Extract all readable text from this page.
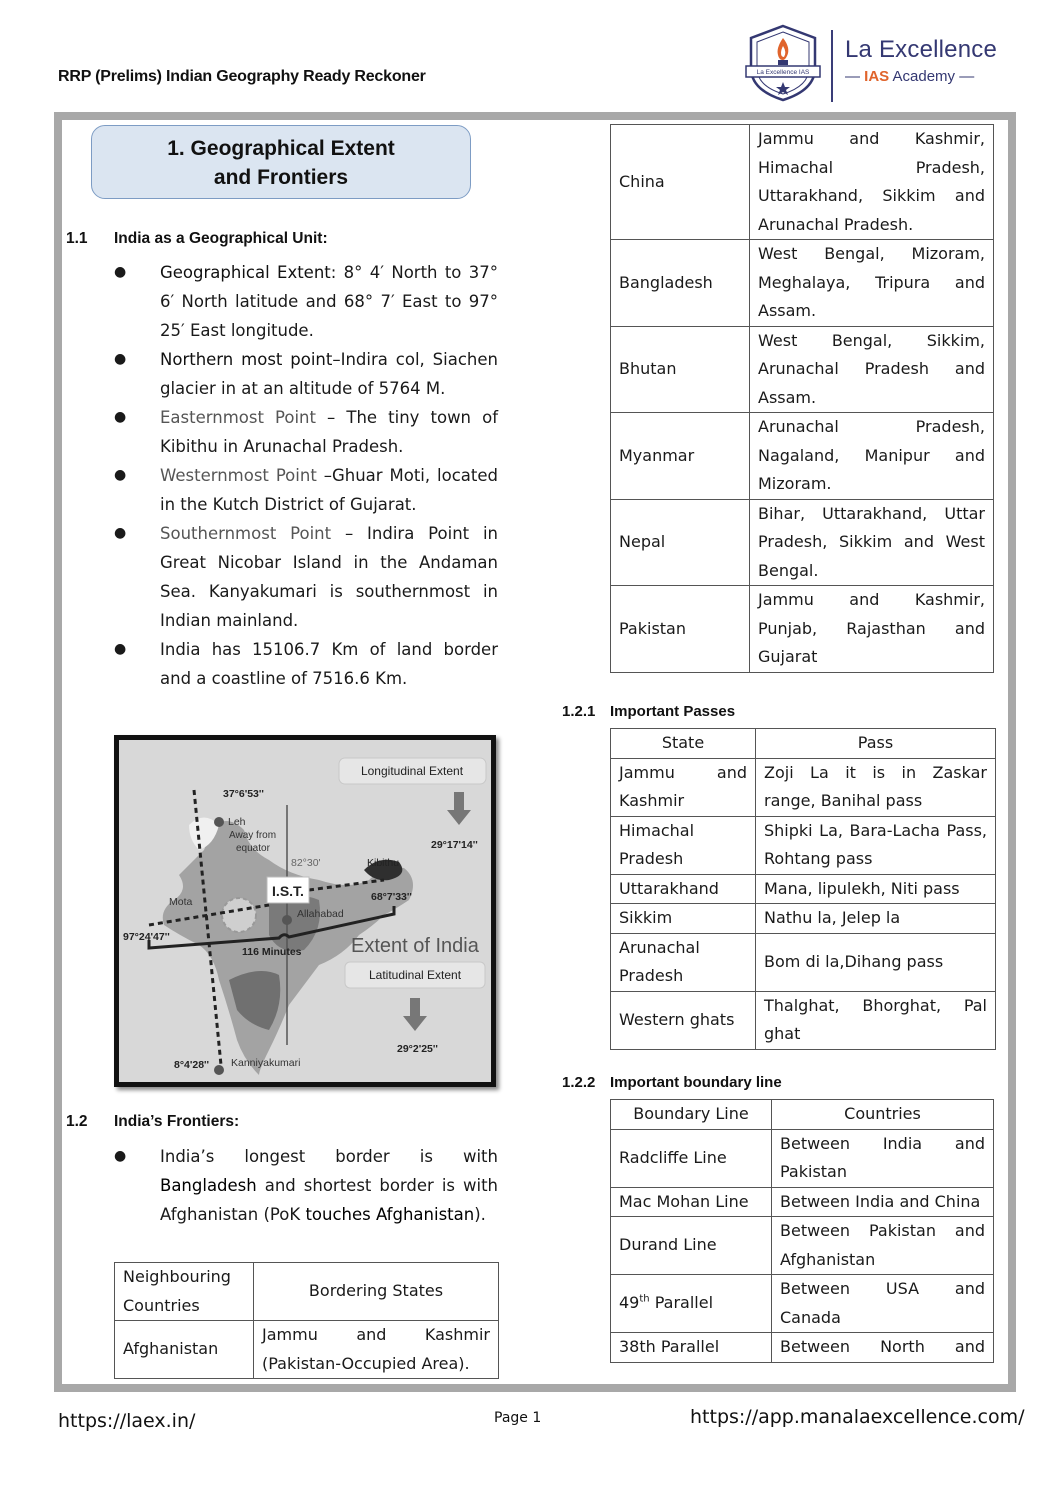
RRP (Prelims) Indian Geography Ready Reckoner	La Excellence IAS
La Excellence
— IAS Academy —
1. Geographical Extent
and Frontiers
1.1 India as a Geographical Unit:
● Geographical Extent: 8° 4′ North to 37° 6′ North latitude and 68° 7′ East to 97° 25′ East longitude.
● Northern most point–Indira col, Siachen glacier in at an altitude of 5764 M.
● Easternmost Point – The tiny town of Kibithu in Arunachal Pradesh.
● Westernmost Point –Ghuar Moti, located in the Kutch District of Gujarat.
● Southernmost Point – Indira Point in Great Nicobar Island in the Andaman Sea. Kanyakumari is southernmost in Indian mainland.
● India has 15106.7 Km of land border and a coastline of 7516.6 Km.
I.S.T.
37°6'53''
Leh
Away from
equator
82°30'	Kibithu
Mota
Allahabad
68°7'33''
97°24'47''
116 Minutes
8°4'28'' Kanniyakumari
Longitudinal Extent
29°17'14''
Extent of India
Latitudinal Extent
29°2'25''
1.2 India’s Frontiers:
● India’s longest border is with Bangladesh and shortest border is with Afghanistan (PoK touches Afghanistan).
Neighbouring Countries	Bordering States
Afghanistan	Jammu and Kashmir (Pakistan-Occupied Area).
China	Jammu and Kashmir, Himachal Pradesh, Uttarakhand, Sikkim and Arunachal Pradesh.
Bangladesh	West Bengal, Mizoram, Meghalaya, Tripura and Assam.
Bhutan	West Bengal, Sikkim, Arunachal Pradesh and Assam.
Myanmar	Arunachal Pradesh, Nagaland, Manipur and Mizoram.
Nepal	Bihar, Uttarakhand, Uttar Pradesh, Sikkim and West Bengal.
Pakistan	Jammu and Kashmir, Punjab, Rajasthan and Gujarat
1.2.1 Important Passes
State	Pass
Jammu and Kashmir	Zoji La it is in Zaskar range, Banihal pass
Himachal Pradesh	Shipki La, Bara-Lacha Pass, Rohtang pass
Uttarakhand	Mana, lipulekh, Niti pass
Sikkim	Nathu la, Jelep la
Arunachal Pradesh	Bom di la,Dihang pass
Western ghats	Thalghat, Bhorghat, Pal ghat
1.2.2 Important boundary line
Boundary Line	Countries
Radcliffe Line	Between India and Pakistan
Mac Mohan Line	Between India and China
Durand Line	Between Pakistan and Afghanistan
49th Parallel	Between USA and Canada
38th Parallel	Between North and
https://laex.in/	Page 1	https://app.manalaexcellence.com/
